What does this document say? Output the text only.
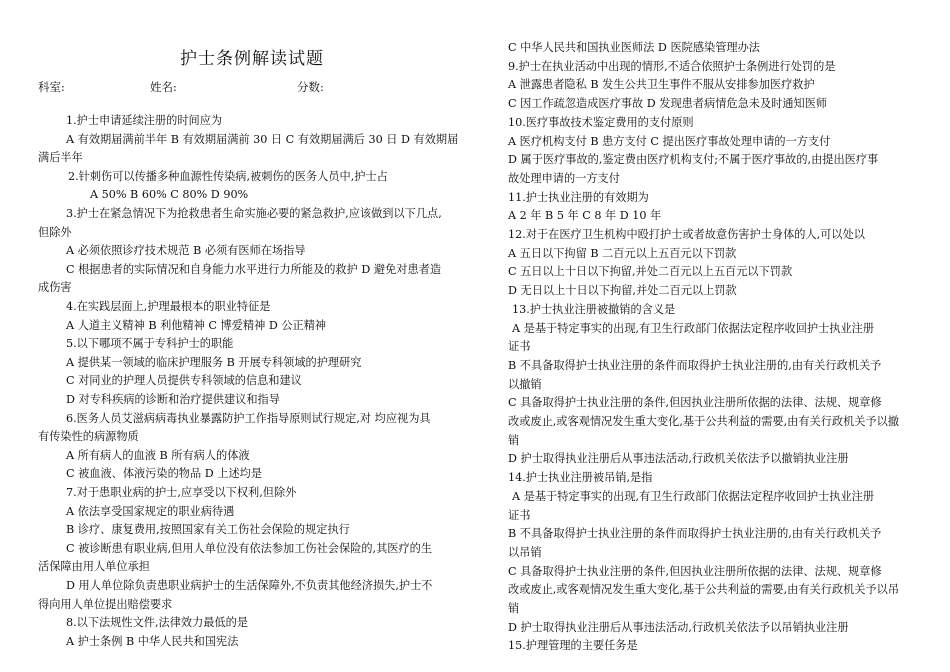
护士条例解读试题
科室:	姓名:	分数:
1.护士申请延续注册的时间应为
A 有效期届满前半年 B 有效期届满前 30 日 C 有效期届满后 30 日 D 有效期届
满后半年
2.针刺伤可以传播多种血源性传染病,被刺伤的医务人员中,护士占
A 50% B 60% C 80% D 90%
3.护士在紧急情况下为抢救患者生命实施必要的紧急救护,应该做到以下几点,
但除外
A 必须依照诊疗技术规范 B 必须有医师在场指导
C 根据患者的实际情况和自身能力水平进行力所能及的救护 D 避免对患者造
成伤害
4.在实践层面上,护理最根本的职业特征是
A 人道主义精神 B 利他精神 C 博爱精神 D 公正精神
5.以下哪项不属于专科护士的职能
A 提供某一领域的临床护理服务 B 开展专科领域的护理研究
C 对同业的护理人员提供专科领域的信息和建议
D 对专科疾病的诊断和治疗提供建议和指导
6.医务人员艾滋病病毒执业暴露防护工作指导原则试行规定,对 均应视为具
有传染性的病源物质
A 所有病人的血液 B 所有病人的体液
C 被血液、体液污染的物品 D 上述均是
7.对于患职业病的护士,应享受以下权利,但除外
A 依法享受国家规定的职业病待遇
B 诊疗、康复费用,按照国家有关工伤社会保险的规定执行
C 被诊断患有职业病,但用人单位没有依法参加工伤社会保险的,其医疗的生
活保障由用人单位承担
D 用人单位除负责患职业病护士的生活保障外,不负责其他经济损失,护士不
得向用人单位提出赔偿要求
8.以下法规性文件,法律效力最低的是
A 护士条例 B 中华人民共和国宪法
C 中华人民共和国执业医师法 D 医院感染管理办法
9.护士在执业活动中出现的情形,不适合依照护士条例进行处罚的是
A 泄露患者隐私 B 发生公共卫生事件不服从安排参加医疗救护
C 因工作疏忽造成医疗事故 D 发现患者病情危急未及时通知医师
10.医疗事故技术鉴定费用的支付原则
A 医疗机构支付 B 患方支付 C 提出医疗事故处理申请的一方支付
D 属于医疗事故的,鉴定费由医疗机构支付;不属于医疗事故的,由提出医疗事
故处理申请的一方支付
11.护士执业注册的有效期为
A 2 年 B 5 年 C 8 年 D 10 年
12.对于在医疗卫生机构中殴打护士或者故意伤害护士身体的人,可以处以
A 五日以下拘留 B 二百元以上五百元以下罚款
C 五日以上十日以下拘留,并处二百元以上五百元以下罚款
D 无日以上十日以下拘留,并处二百元以上罚款
13.护士执业注册被撤销的含义是
A 是基于特定事实的出现,有卫生行政部门依据法定程序收回护士执业注册
证书
B 不具备取得护士执业注册的条件而取得护士执业注册的,由有关行政机关予
以撤销
C 具备取得护士执业注册的条件,但因执业注册所依据的法律、法规、规章修
改或废止,或客观情况发生重大变化,基于公共利益的需要,由有关行政机关予以撤
销
D 护士取得执业注册后从事违法活动,行政机关依法予以撤销执业注册
14.护士执业注册被吊销,是指
A 是基于特定事实的出现,有卫生行政部门依据法定程序收回护士执业注册
证书
B 不具备取得护士执业注册的条件而取得护士执业注册的,由有关行政机关予
以吊销
C 具备取得护士执业注册的条件,但因执业注册所依据的法律、法规、规章修
改或废止,或客观情况发生重大变化,基于公共利益的需要,由有关行政机关予以吊
销
D 护士取得执业注册后从事违法活动,行政机关依法予以吊销执业注册
15.护理管理的主要任务是
